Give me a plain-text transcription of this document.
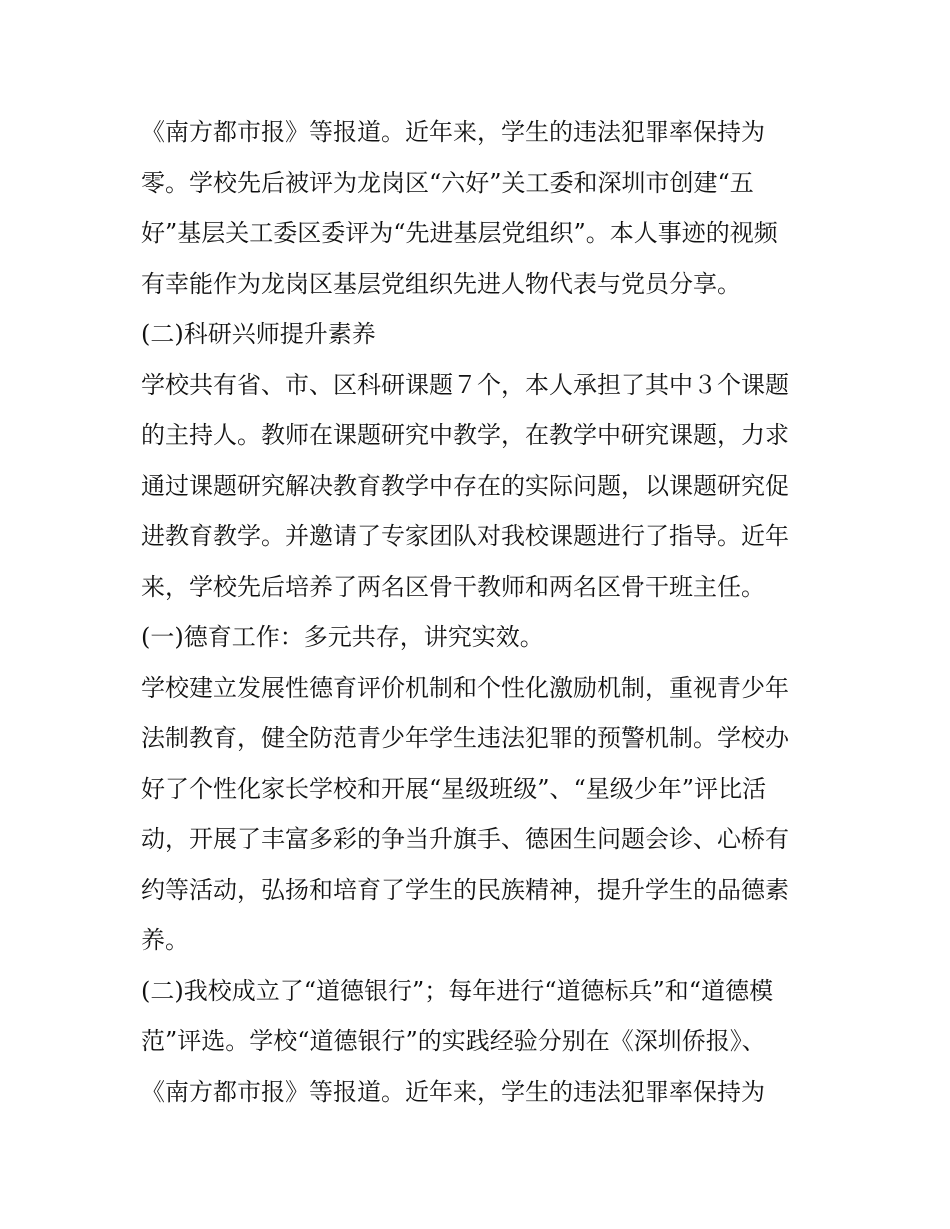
《南方都市报》等报道。近年来，学生的违法犯罪率保持为
零。学校先后被评为龙岗区“六好”关工委和深圳市创建“五
好”基层关工委区委评为“先进基层党组织”。本人事迹的视频
有幸能作为龙岗区基层党组织先进人物代表与党员分享。
(二)科研兴师提升素养
学校共有省、市、区科研课题７个，本人承担了其中３个课题
的主持人。教师在课题研究中教学，在教学中研究课题，力求
通过课题研究解决教育教学中存在的实际问题，以课题研究促
进教育教学。并邀请了专家团队对我校课题进行了指导。近年
来，学校先后培养了两名区骨干教师和两名区骨干班主任。
(一)德育工作：多元共存，讲究实效。
学校建立发展性德育评价机制和个性化激励机制，重视青少年
法制教育，健全防范青少年学生违法犯罪的预警机制。学校办
好了个性化家长学校和开展“星级班级”、“星级少年”评比活
动，开展了丰富多彩的争当升旗手、德困生问题会诊、心桥有
约等活动，弘扬和培育了学生的民族精神，提升学生的品德素
养。
(二)我校成立了“道德银行”；每年进行“道德标兵”和“道德模
范”评选。学校“道德银行”的实践经验分别在《深圳侨报》、
《南方都市报》等报道。近年来，学生的违法犯罪率保持为
